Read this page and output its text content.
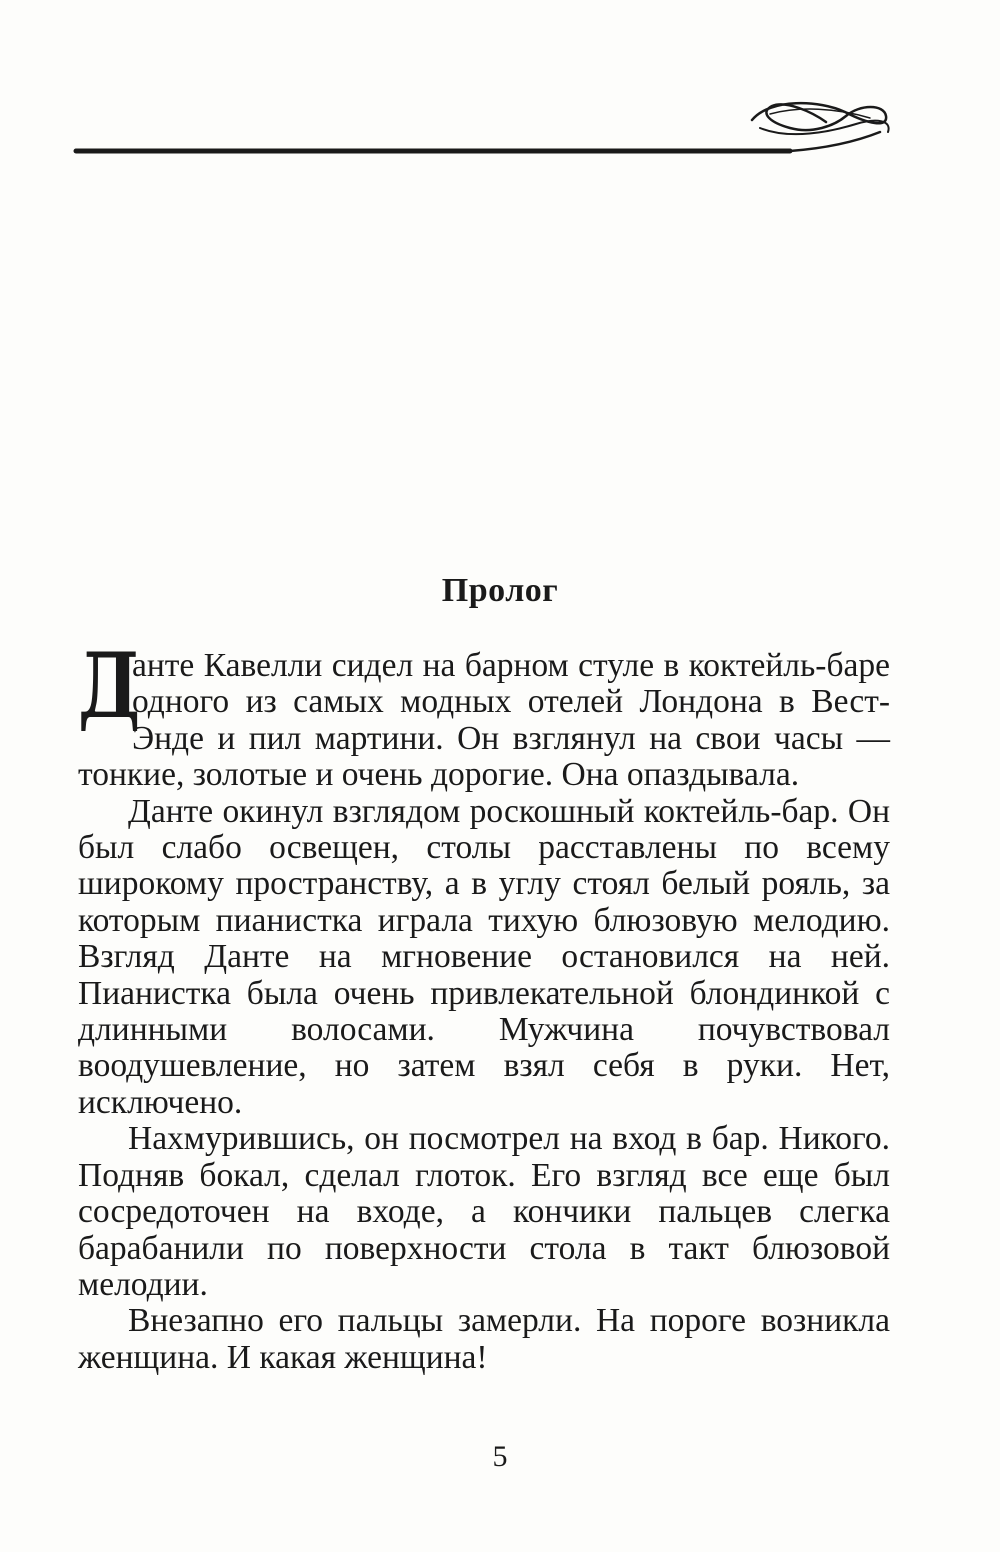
Пролог

Д
анте Кавелли сидел на барном стуле в коктейль-баре одного из самых модных отелей Лондона в Вест-Энде и пил мартини. Он взглянул на свои часы — тонкие, золотые и очень дорогие. Она опаздывала.

Данте окинул взглядом роскошный коктейль-бар. Он был слабо освещен, столы расставлены по всему широкому пространству, а в углу стоял белый рояль, за которым пианистка играла тихую блюзовую мелодию. Взгляд Данте на мгновение остановился на ней. Пианистка была очень привлекательной блондинкой с длинными волосами. Мужчина почувствовал воодушевление, но затем взял себя в руки. Нет, исключено.

Нахмурившись, он посмотрел на вход в бар. Никого. Подняв бокал, сделал глоток. Его взгляд все еще был сосредоточен на входе, а кончики пальцев слегка барабанили по поверхности стола в такт блюзовой мелодии.

Внезапно его пальцы замерли. На пороге возникла женщина. И какая женщина!

5
